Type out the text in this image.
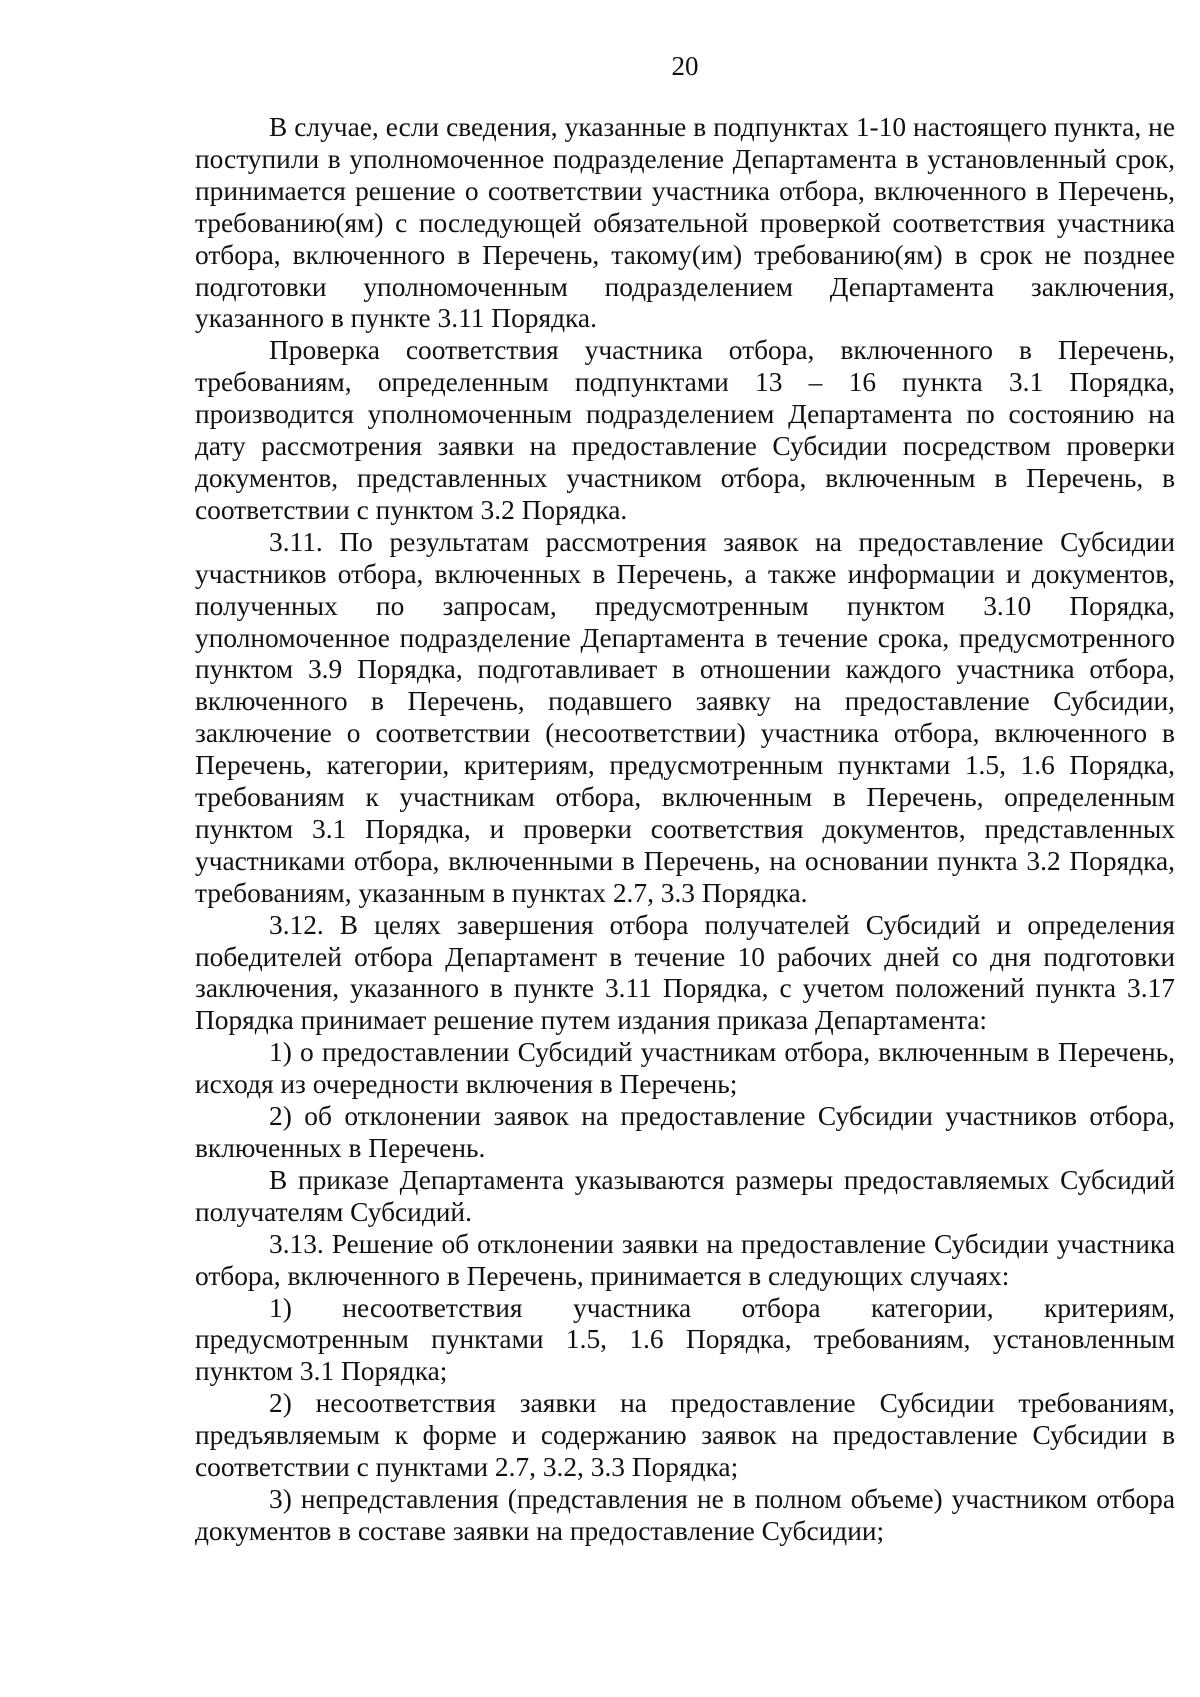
20

В случае, если сведения, указанные в подпунктах 1-10 настоящего пункта, не поступили в уполномоченное подразделение Департамента в установленный срок, принимается решение о соответствии участника отбора, включенного в Перечень, требованию(ям) с последующей обязательной проверкой соответствия участника отбора, включенного в Перечень, такому(им) требованию(ям) в срок не позднее подготовки уполномоченным подразделением Департамента заключения, указанного в пункте 3.11 Порядка.

Проверка соответствия участника отбора, включенного в Перечень, требованиям, определенным подпунктами 13 – 16 пункта 3.1 Порядка, производится уполномоченным подразделением Департамента по состоянию на дату рассмотрения заявки на предоставление Субсидии посредством проверки документов, представленных участником отбора, включенным в Перечень, в соответствии с пунктом 3.2 Порядка.

3.11. По результатам рассмотрения заявок на предоставление Субсидии участников отбора, включенных в Перечень, а также информации и документов, полученных по запросам, предусмотренным пунктом 3.10 Порядка, уполномоченное подразделение Департамента в течение срока, предусмотренного пунктом 3.9 Порядка, подготавливает в отношении каждого участника отбора, включенного в Перечень, подавшего заявку на предоставление Субсидии, заключение о соответствии (несоответствии) участника отбора, включенного в Перечень, категории, критериям, предусмотренным пунктами 1.5, 1.6 Порядка, требованиям к участникам отбора, включенным в Перечень, определенным пунктом 3.1 Порядка, и проверки соответствия документов, представленных участниками отбора, включенными в Перечень, на основании пункта 3.2 Порядка, требованиям, указанным в пунктах 2.7, 3.3 Порядка.

3.12. В целях завершения отбора получателей Субсидий и определения победителей отбора Департамент в течение 10 рабочих дней со дня подготовки заключения, указанного в пункте 3.11 Порядка, с учетом положений пункта 3.17 Порядка принимает решение путем издания приказа Департамента:

1) о предоставлении Субсидий участникам отбора, включенным в Перечень, исходя из очередности включения в Перечень;

2) об отклонении заявок на предоставление Субсидии участников отбора, включенных в Перечень.

В приказе Департамента указываются размеры предоставляемых Субсидий получателям Субсидий.

3.13. Решение об отклонении заявки на предоставление Субсидии участника отбора, включенного в Перечень, принимается в следующих случаях:

1) несоответствия участника отбора категории, критериям, предусмотренным пунктами 1.5, 1.6 Порядка, требованиям, установленным пунктом 3.1 Порядка;

2) несоответствия заявки на предоставление Субсидии требованиям, предъявляемым к форме и содержанию заявок на предоставление Субсидии в соответствии с пунктами 2.7, 3.2, 3.3 Порядка;

3) непредставления (представления не в полном объеме) участником отбора документов в составе заявки на предоставление Субсидии;
